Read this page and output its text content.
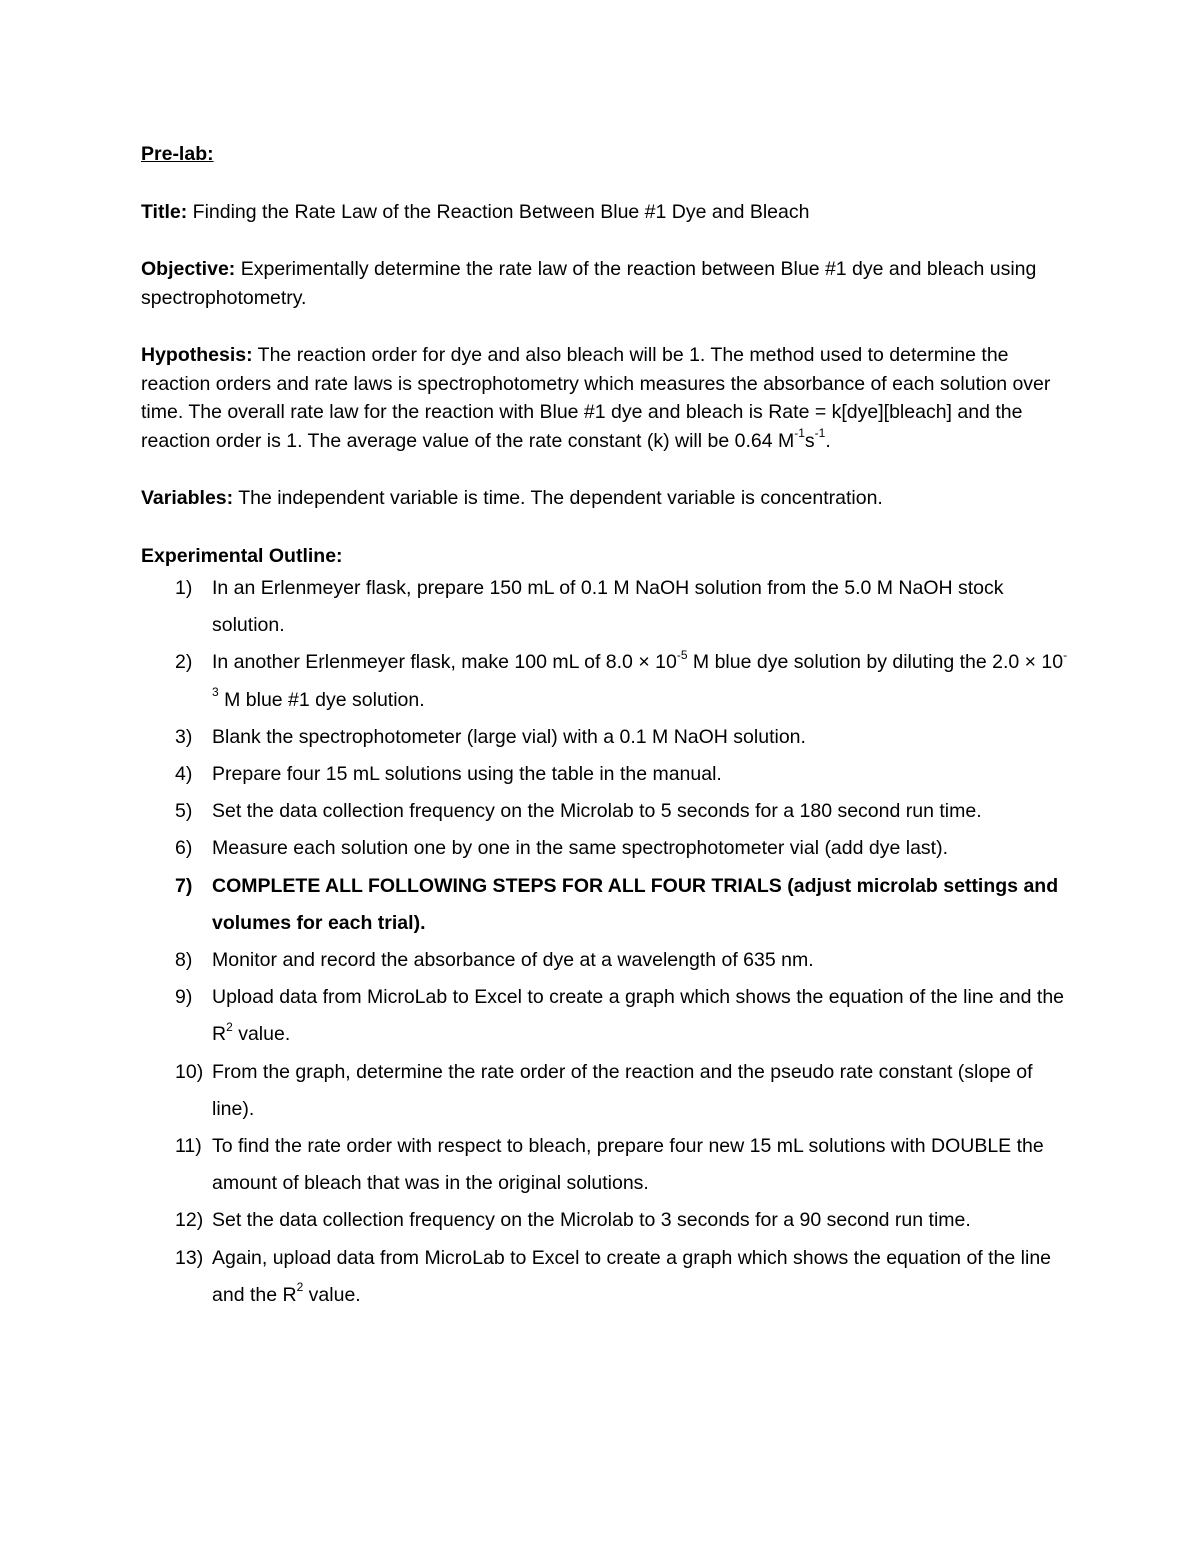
Pre-lab:

Title: Finding the Rate Law of the Reaction Between Blue #1 Dye and Bleach

Objective: Experimentally determine the rate law of the reaction between Blue #1 dye and bleach using spectrophotometry.

Hypothesis: The reaction order for dye and also bleach will be 1. The method used to determine the reaction orders and rate laws is spectrophotometry which measures the absorbance of each solution over time. The overall rate law for the reaction with Blue #1 dye and bleach is Rate = k[dye][bleach] and the reaction order is 1. The average value of the rate constant (k) will be 0.64 $M^{-1}s^{-1}$.

Variables: The independent variable is time. The dependent variable is concentration.

Experimental Outline:

1) In an Erlenmeyer flask, prepare 150 mL of 0.1 M NaOH solution from the 5.0 M NaOH stock solution.
2) In another Erlenmeyer flask, make 100 mL of $8.0 \times 10^{-5}$ M blue dye solution by diluting the $2.0 \times 10^{-3}$ M blue #1 dye solution.
3) Blank the spectrophotometer (large vial) with a 0.1 M NaOH solution.
4) Prepare four 15 mL solutions using the table in the manual.
5) Set the data collection frequency on the Microlab to 5 seconds for a 180 second run time.
6) Measure each solution one by one in the same spectrophotometer vial (add dye last).
7) COMPLETE ALL FOLLOWING STEPS FOR ALL FOUR TRIALS (adjust microlab settings and volumes for each trial).
8) Monitor and record the absorbance of dye at a wavelength of 635 nm.
9) Upload data from MicroLab to Excel to create a graph which shows the equation of the line and the $R^2$ value.
10) From the graph, determine the rate order of the reaction and the pseudo rate constant (slope of line).
11) To find the rate order with respect to bleach, prepare four new 15 mL solutions with DOUBLE the amount of bleach that was in the original solutions.
12) Set the data collection frequency on the Microlab to 3 seconds for a 90 second run time.
13) Again, upload data from MicroLab to Excel to create a graph which shows the equation of the line and the $R^2$ value.
